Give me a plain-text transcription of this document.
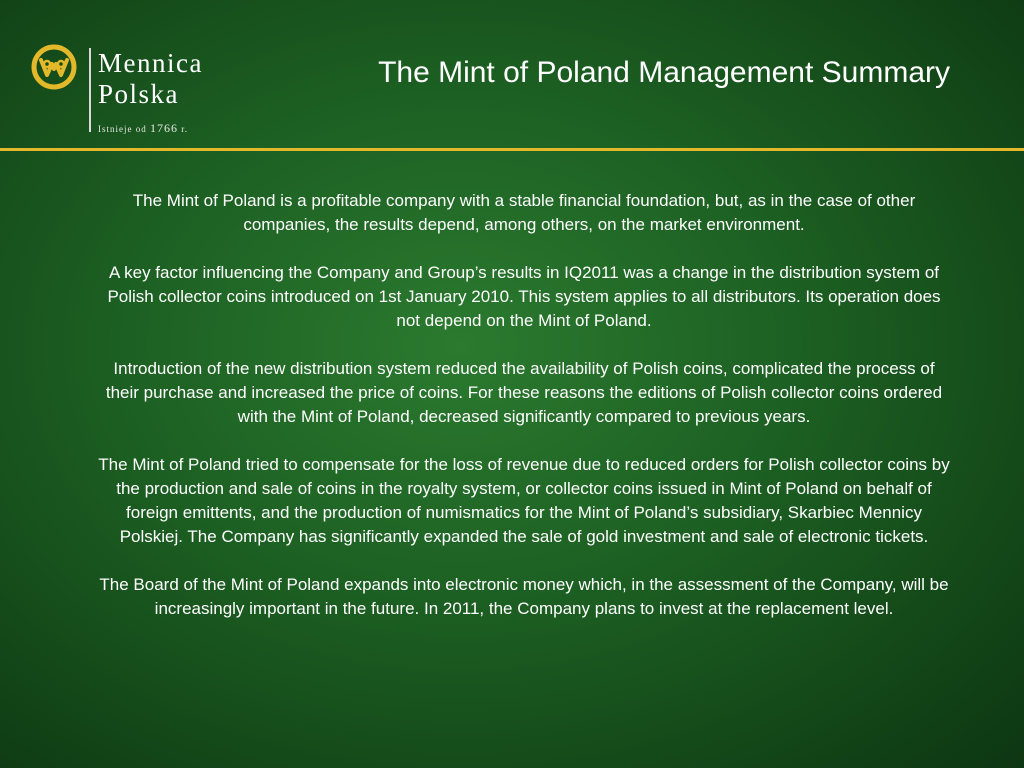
Mennica
Polska
Istnieje od 1766 r.
The Mint of Poland Management Summary

The Mint of Poland is a profitable company with a stable financial foundation, but, as in the case of other companies, the results depend, among others, on the market environment.

A key factor influencing the Company and Group’s results in IQ2011 was a change in the distribution system of Polish collector coins introduced on 1st January 2010. This system applies to all distributors. Its operation does not depend on the Mint of Poland.

Introduction of the new distribution system reduced the availability of Polish coins, complicated the process of their purchase and increased the price of coins. For these reasons the editions of Polish collector coins ordered with the Mint of Poland, decreased significantly compared to previous years.

The Mint of Poland tried to compensate for the loss of revenue due to reduced orders for Polish collector coins by the production and sale of coins in the royalty system, or collector coins issued in Mint of Poland on behalf of foreign emittents, and the production of numismatics for the Mint of Poland’s subsidiary, Skarbiec Mennicy Polskiej. The Company has significantly expanded the sale of gold investment and sale of electronic tickets.

The Board of the Mint of Poland expands into electronic money which, in the assessment of the Company, will be increasingly important in the future. In 2011, the Company plans to invest at the replacement level.
